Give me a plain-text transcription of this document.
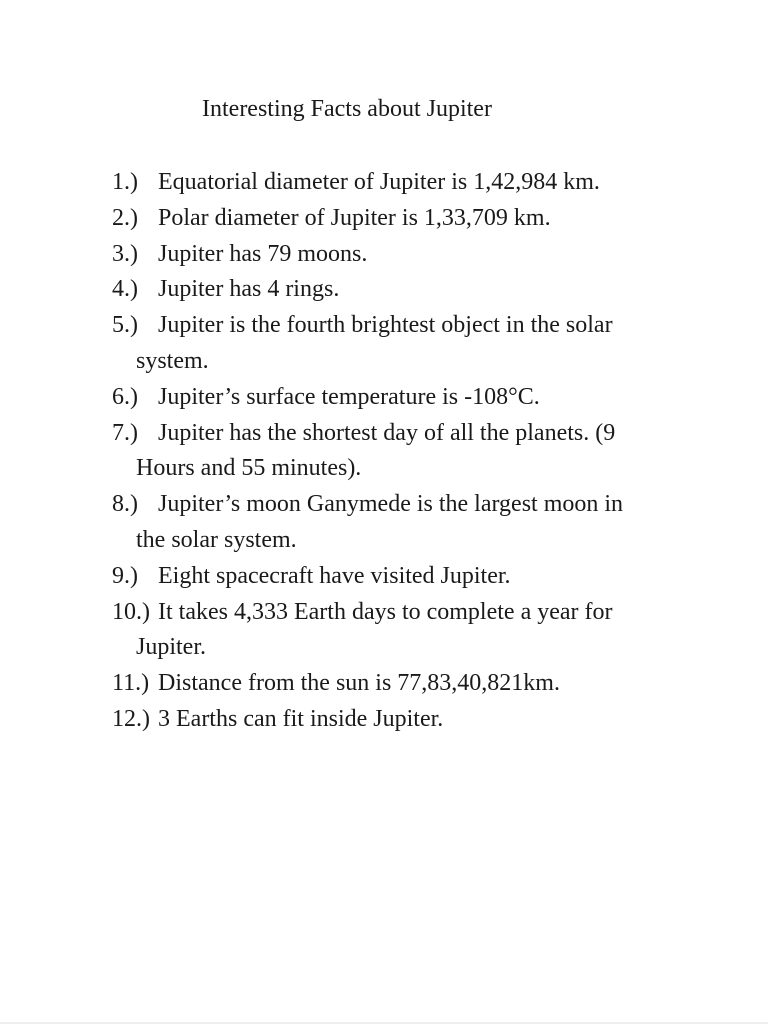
Interesting Facts about Jupiter
1.) Equatorial diameter of Jupiter is 1,42,984 km.
2.) Polar diameter of Jupiter is 1,33,709 km.
3.) Jupiter has 79 moons.
4.) Jupiter has 4 rings.
5.) Jupiter is the fourth brightest object in the solar
system.
6.) Jupiter’s surface temperature is -108°C.
7.) Jupiter has the shortest day of all the planets. (9
Hours and 55 minutes).
8.) Jupiter’s moon Ganymede is the largest moon in
the solar system.
9.) Eight spacecraft have visited Jupiter.
10.) It takes 4,333 Earth days to complete a year for
Jupiter.
11.) Distance from the sun is 77,83,40,821km.
12.) 3 Earths can fit inside Jupiter.
